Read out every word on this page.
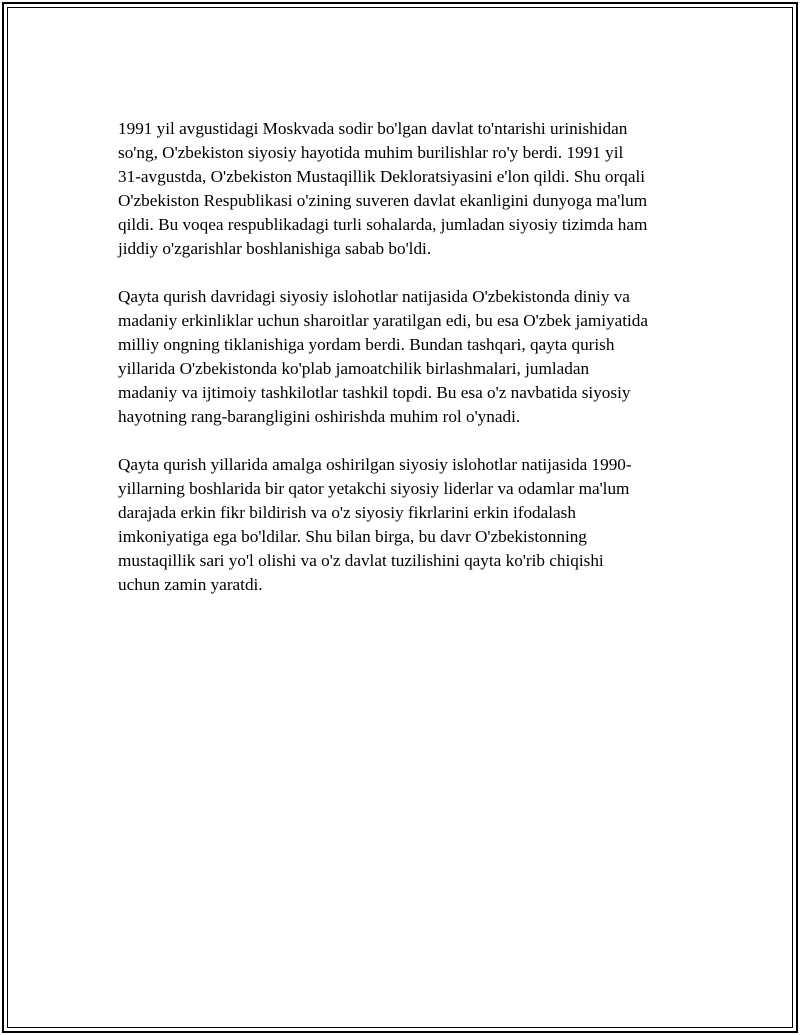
1991 yil avgustidagi Moskvada sodir bo'lgan davlat to'ntarishi urinishidan
so'ng, O'zbekiston siyosiy hayotida muhim burilishlar ro'y berdi. 1991 yil
31-avgustda, O'zbekiston Mustaqillik Dekloratsiyasini e'lon qildi. Shu orqali
O'zbekiston Respublikasi o'zining suveren davlat ekanligini dunyoga ma'lum
qildi. Bu voqea respublikadagi turli sohalarda, jumladan siyosiy tizimda ham
jiddiy o'zgarishlar boshlanishiga sabab bo'ldi.

Qayta qurish davridagi siyosiy islohotlar natijasida O'zbekistonda diniy va
madaniy erkinliklar uchun sharoitlar yaratilgan edi, bu esa O'zbek jamiyatida
milliy ongning tiklanishiga yordam berdi. Bundan tashqari, qayta qurish
yillarida O'zbekistonda ko'plab jamoatchilik birlashmalari, jumladan
madaniy va ijtimoiy tashkilotlar tashkil topdi. Bu esa o'z navbatida siyosiy
hayotning rang-barangligini oshirishda muhim rol o'ynadi.

Qayta qurish yillarida amalga oshirilgan siyosiy islohotlar natijasida 1990-
yillarning boshlarida bir qator yetakchi siyosiy liderlar va odamlar ma'lum
darajada erkin fikr bildirish va o'z siyosiy fikrlarini erkin ifodalash
imkoniyatiga ega bo'ldilar. Shu bilan birga, bu davr O'zbekistonning
mustaqillik sari yo'l olishi va o'z davlat tuzilishini qayta ko'rib chiqishi
uchun zamin yaratdi.
